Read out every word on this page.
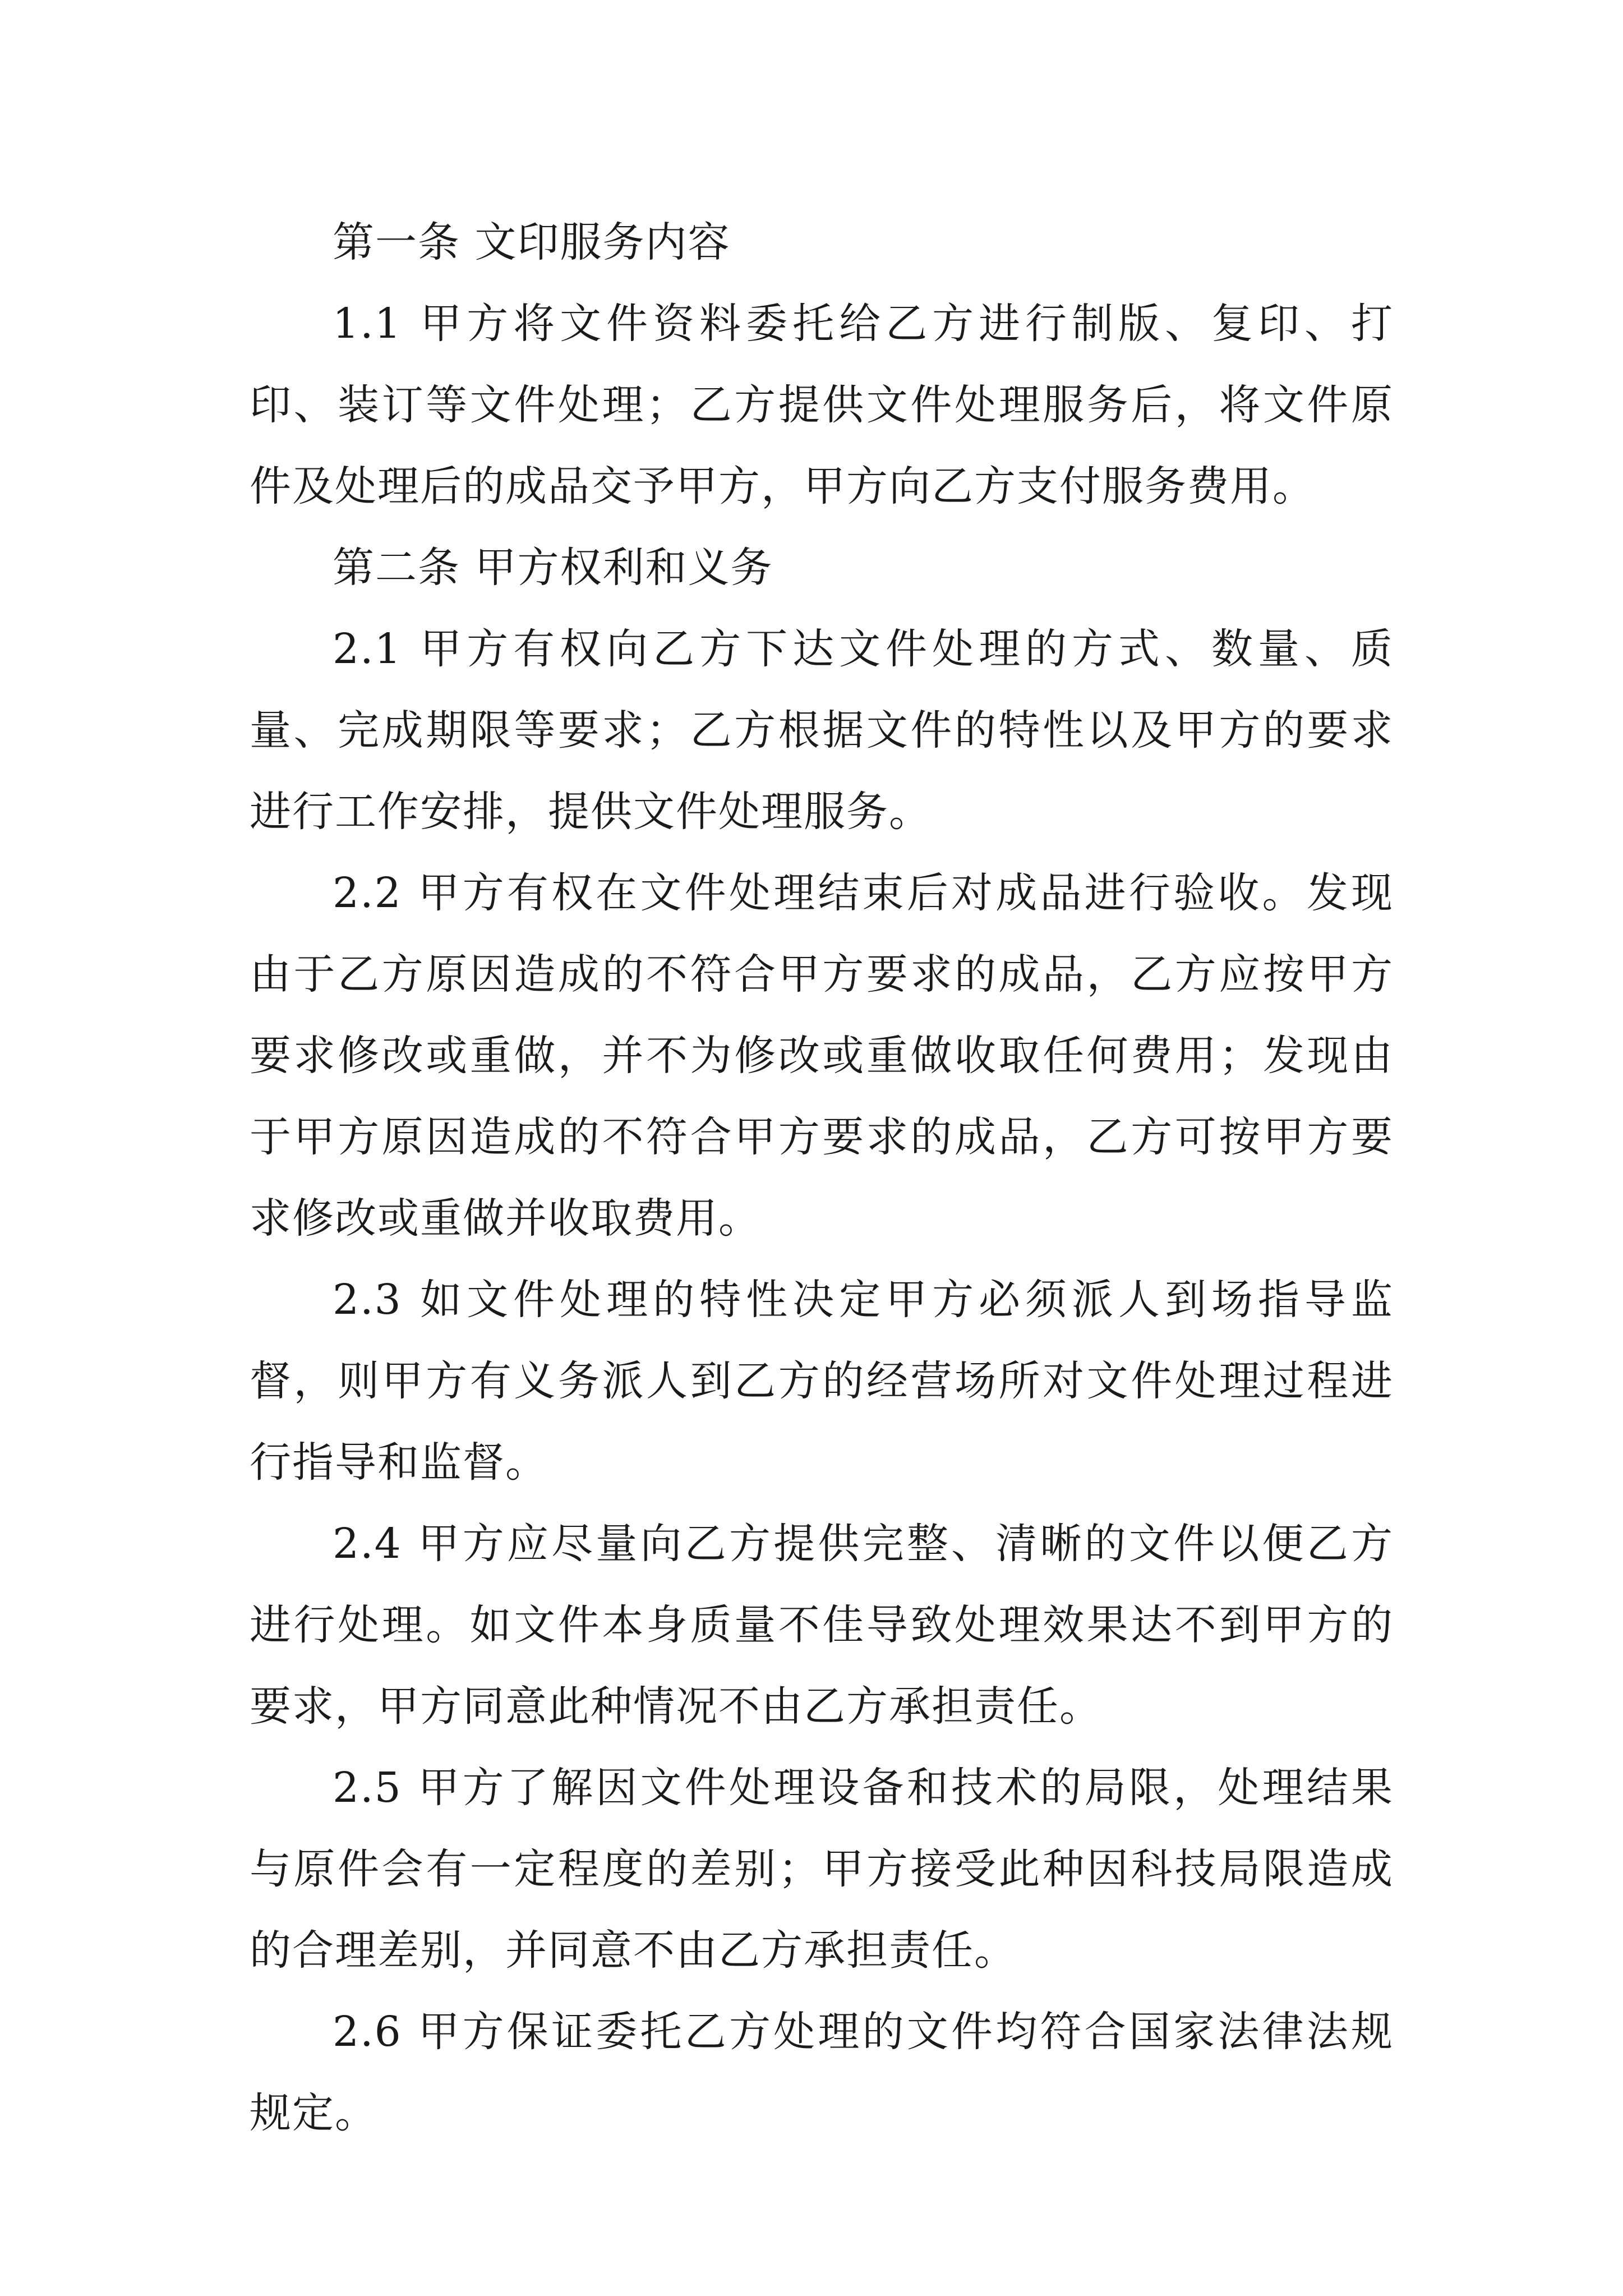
第一条 文印服务内容

1.1 甲方将文件资料委托给乙方进行制版、复印、打印、装订等文件处理；乙方提供文件处理服务后，将文件原件及处理后的成品交予甲方，甲方向乙方支付服务费用。

第二条 甲方权利和义务

2.1 甲方有权向乙方下达文件处理的方式、数量、质量、完成期限等要求；乙方根据文件的特性以及甲方的要求进行工作安排，提供文件处理服务。

2.2 甲方有权在文件处理结束后对成品进行验收。发现由于乙方原因造成的不符合甲方要求的成品，乙方应按甲方要求修改或重做，并不为修改或重做收取任何费用；发现由于甲方原因造成的不符合甲方要求的成品，乙方可按甲方要求修改或重做并收取费用。

2.3 如文件处理的特性决定甲方必须派人到场指导监督，则甲方有义务派人到乙方的经营场所对文件处理过程进行指导和监督。

2.4 甲方应尽量向乙方提供完整、清晰的文件以便乙方进行处理。如文件本身质量不佳导致处理效果达不到甲方的要求，甲方同意此种情况不由乙方承担责任。

2.5 甲方了解因文件处理设备和技术的局限，处理结果与原件会有一定程度的差别；甲方接受此种因科技局限造成的合理差别，并同意不由乙方承担责任。

2.6 甲方保证委托乙方处理的文件均符合国家法律法规规定。
